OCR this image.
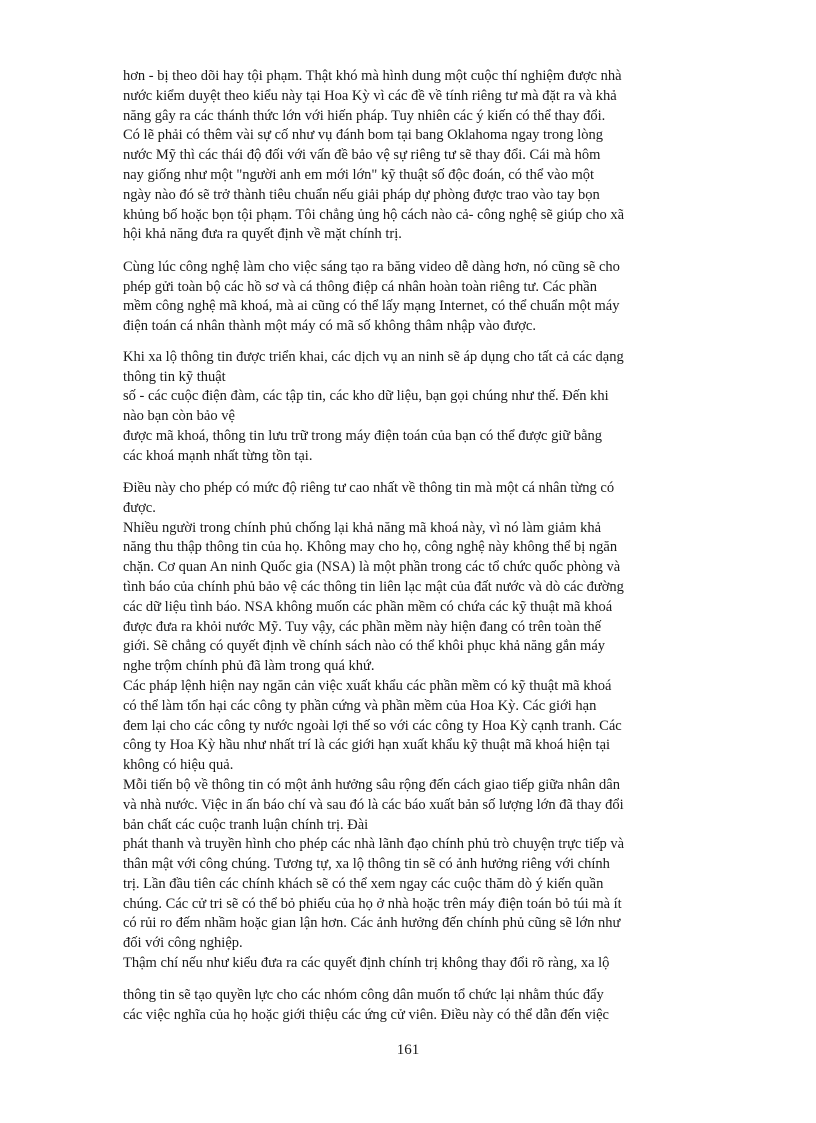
hơn - bị theo dõi hay tội phạm. Thật khó mà hình dung một cuộc thí nghiệm được nhà
nước kiểm duyệt theo kiểu này tại Hoa Kỳ vì các đề về tính riêng tư mà đặt ra và khả
năng gây ra các thánh thức lớn với hiến pháp. Tuy nhiên các ý kiến có thể thay đổi.
Có lẽ phải có thêm vài sự cố như vụ đánh bom tại bang Oklahoma ngay trong lòng
nước Mỹ thì các thái độ đối với vấn đề bảo vệ sự riêng tư sẽ thay đổi. Cái mà hôm
nay giống như một "người anh em mới lớn" kỹ thuật số độc đoán, có thể vào một
ngày nào đó sẽ trở thành tiêu chuẩn nếu giải pháp dự phòng được trao vào tay bọn
khủng bố hoặc bọn tội phạm. Tôi chẳng ủng hộ cách nào cả- công nghệ sẽ giúp cho xã
hội khả năng đưa ra quyết định về mặt chính trị.
Cùng lúc công nghệ làm cho việc sáng tạo ra băng video dễ dàng hơn, nó cũng sẽ cho
phép gửi toàn bộ các hồ sơ và cá thông điệp cá nhân hoàn toàn riêng tư. Các phần
mềm công nghệ mã khoá, mà ai cũng có thể lấy mạng Internet, có thể chuẩn một máy
điện toán cá nhân thành một máy có mã số không thâm nhập vào được.
Khi xa lộ thông tin được triển khai, các dịch vụ an ninh sẽ áp dụng cho tất cả các dạng
thông tin kỹ thuật
số - các cuộc điện đàm, các tập tin, các kho dữ liệu, bạn gọi chúng như thế. Đến khi
nào bạn còn bảo vệ
được mã khoá, thông tin lưu trữ trong máy điện toán của bạn có thể được giữ bằng
các khoá mạnh nhất từng tồn tại.
Điều này cho phép có mức độ riêng tư cao nhất về thông tin mà một cá nhân từng có
được.
Nhiều người trong chính phủ chống lại khả năng mã khoá này, vì nó làm giảm khả
năng thu thập thông tin của họ. Không may cho họ, công nghệ này không thể bị ngăn
chặn. Cơ quan An ninh Quốc gia (NSA) là một phần trong các tổ chức quốc phòng và
tình báo của chính phủ bảo vệ các thông tin liên lạc mật của đất nước và dò các đường
các dữ liệu tình báo. NSA không muốn các phần mềm có chứa các kỹ thuật mã khoá
được đưa ra khỏi nước Mỹ. Tuy vậy, các phần mềm này hiện đang có trên toàn thế
giới. Sẽ chẳng có quyết định về chính sách nào có thể khôi phục khả năng gắn máy
nghe trộm chính phủ đã làm trong quá khứ.
Các pháp lệnh hiện nay ngăn cản việc xuất khẩu các phần mềm có kỹ thuật mã khoá
có thể làm tổn hại các công ty phần cứng và phần mềm của Hoa Kỳ. Các giới hạn
đem lại cho các công ty nước ngoài lợi thế so với các công ty Hoa Kỳ cạnh tranh. Các
công ty Hoa Kỳ hầu như nhất trí là các giới hạn xuất khẩu kỹ thuật mã khoá hiện tại
không có hiệu quả.
Mỗi tiến bộ về thông tin có một ảnh hưởng sâu rộng đến cách giao tiếp giữa nhân dân
và nhà nước. Việc in ấn báo chí và sau đó là các báo xuất bản số lượng lớn đã thay đổi
bản chất các cuộc tranh luận chính trị. Đài
phát thanh và truyền hình cho phép các nhà lãnh đạo chính phủ trò chuyện trực tiếp và
thân mật với công chúng. Tương tự, xa lộ thông tin sẽ có ảnh hưởng riêng với chính
trị. Lần đầu tiên các chính khách sẽ có thể xem ngay các cuộc thăm dò ý kiến quần
chúng. Các cử tri sẽ có thể bỏ phiếu của họ ở nhà hoặc trên máy điện toán bỏ túi mà ít
có rủi ro đếm nhầm hoặc gian lận hơn. Các ảnh hưởng đến chính phủ cũng sẽ lớn như
đối với công nghiệp.
Thậm chí nếu như kiểu đưa ra các quyết định chính trị không thay đổi rõ ràng, xa lộ
thông tin sẽ tạo quyền lực cho các nhóm công dân muốn tổ chức lại nhằm thúc đẩy
các việc nghĩa của họ hoặc giới thiệu các ứng cử viên. Điều này có thể dẫn đến việc
161
